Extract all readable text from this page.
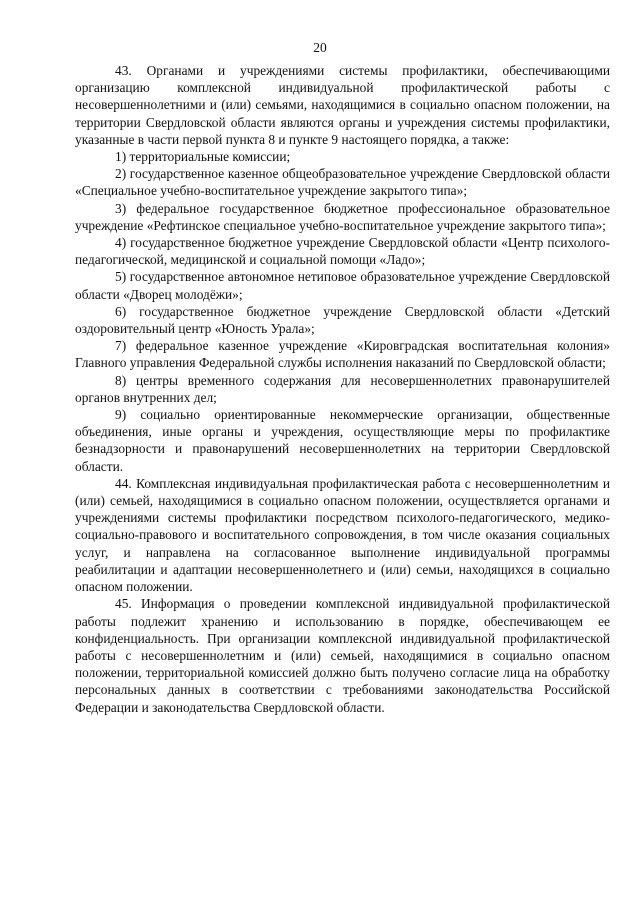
20

43. Органами и учреждениями системы профилактики, обеспечивающими организацию комплексной индивидуальной профилактической работы с несовершеннолетними и (или) семьями, находящимися в социально опасном положении, на территории Свердловской области являются органы и учреждения системы профилактики, указанные в части первой пункта 8 и пункте 9 настоящего порядка, а также:

1) территориальные комиссии;

2) государственное казенное общеобразовательное учреждение Свердловской области «Специальное учебно-воспитательное учреждение закрытого типа»;

3) федеральное государственное бюджетное профессиональное образовательное учреждение «Рефтинское специальное учебно-воспитательное учреждение закрытого типа»;

4) государственное бюджетное учреждение Свердловской области «Центр психолого-педагогической, медицинской и социальной помощи «Ладо»;

5) государственное автономное нетиповое образовательное учреждение Свердловской области «Дворец молодёжи»;

6) государственное бюджетное учреждение Свердловской области «Детский оздоровительный центр «Юность Урала»;

7) федеральное казенное учреждение «Кировградская воспитательная колония» Главного управления Федеральной службы исполнения наказаний по Свердловской области;

8) центры временного содержания для несовершеннолетних правонарушителей органов внутренних дел;

9) социально ориентированные некоммерческие организации, общественные объединения, иные органы и учреждения, осуществляющие меры по профилактике безнадзорности и правонарушений несовершеннолетних на территории Свердловской области.

44. Комплексная индивидуальная профилактическая работа с несовершеннолетним и (или) семьей, находящимися в социально опасном положении, осуществляется органами и учреждениями системы профилактики посредством психолого-педагогического, медико-социально-правового и воспитательного сопровождения, в том числе оказания социальных услуг, и направлена на согласованное выполнение индивидуальной программы реабилитации и адаптации несовершеннолетнего и (или) семьи, находящихся в социально опасном положении.

45. Информация о проведении комплексной индивидуальной профилактической работы подлежит хранению и использованию в порядке, обеспечивающем ее конфиденциальность. При организации комплексной индивидуальной профилактической работы с несовершеннолетним и (или) семьей, находящимися в социально опасном положении, территориальной комиссией должно быть получено согласие лица на обработку персональных данных в соответствии с требованиями законодательства Российской Федерации и законодательства Свердловской области.
